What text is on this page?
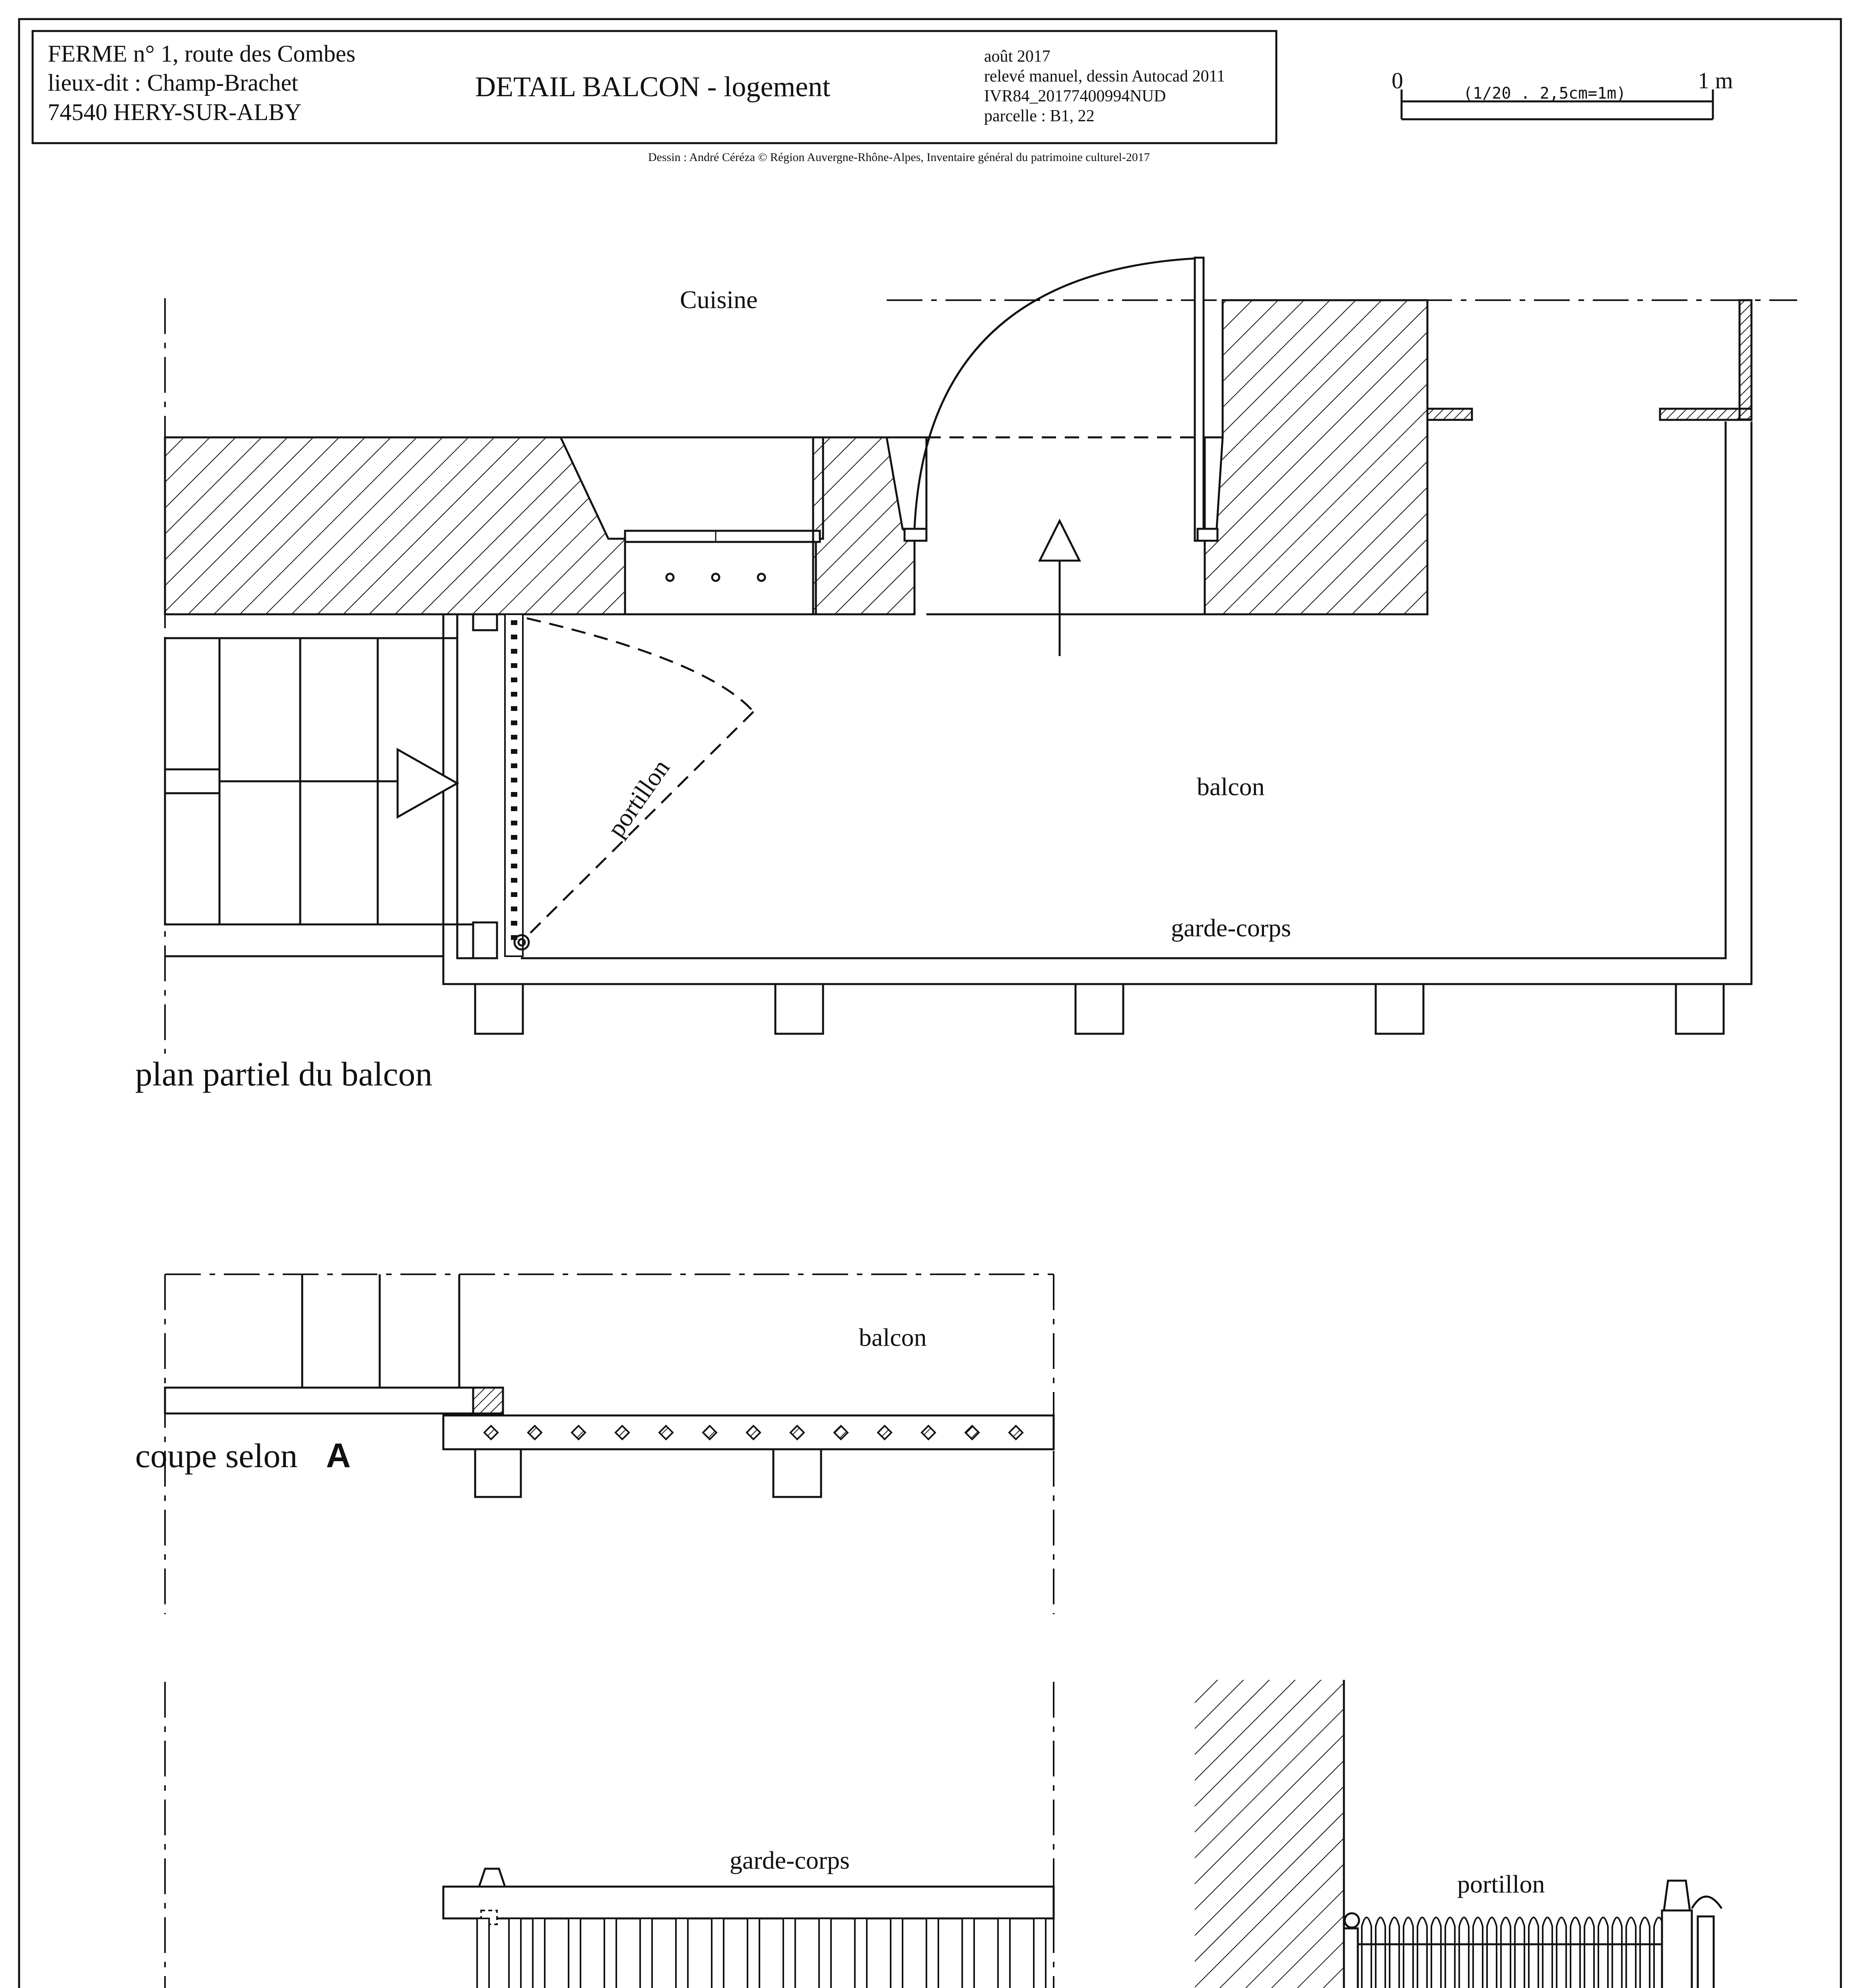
FERME n° 1, route des Combes
lieux-dit : Champ-Brachet
74540 HERY-SUR-ALBY
DETAIL BALCON - logement
août 2017
relevé manuel, dessin Autocad 2011
IVR84_20177400994NUD
parcelle : B1, 22
Dessin : André Céréza © Région Auvergne-Rhône-Alpes, Inventaire général du patrimoine culturel-2017
0	1 m
(1/20 . 2,5cm=1m)
Cuisine
balcon
portillon
garde-corps
plan partiel du balcon
balcon
coupe selon A
garde-corps
portillon
